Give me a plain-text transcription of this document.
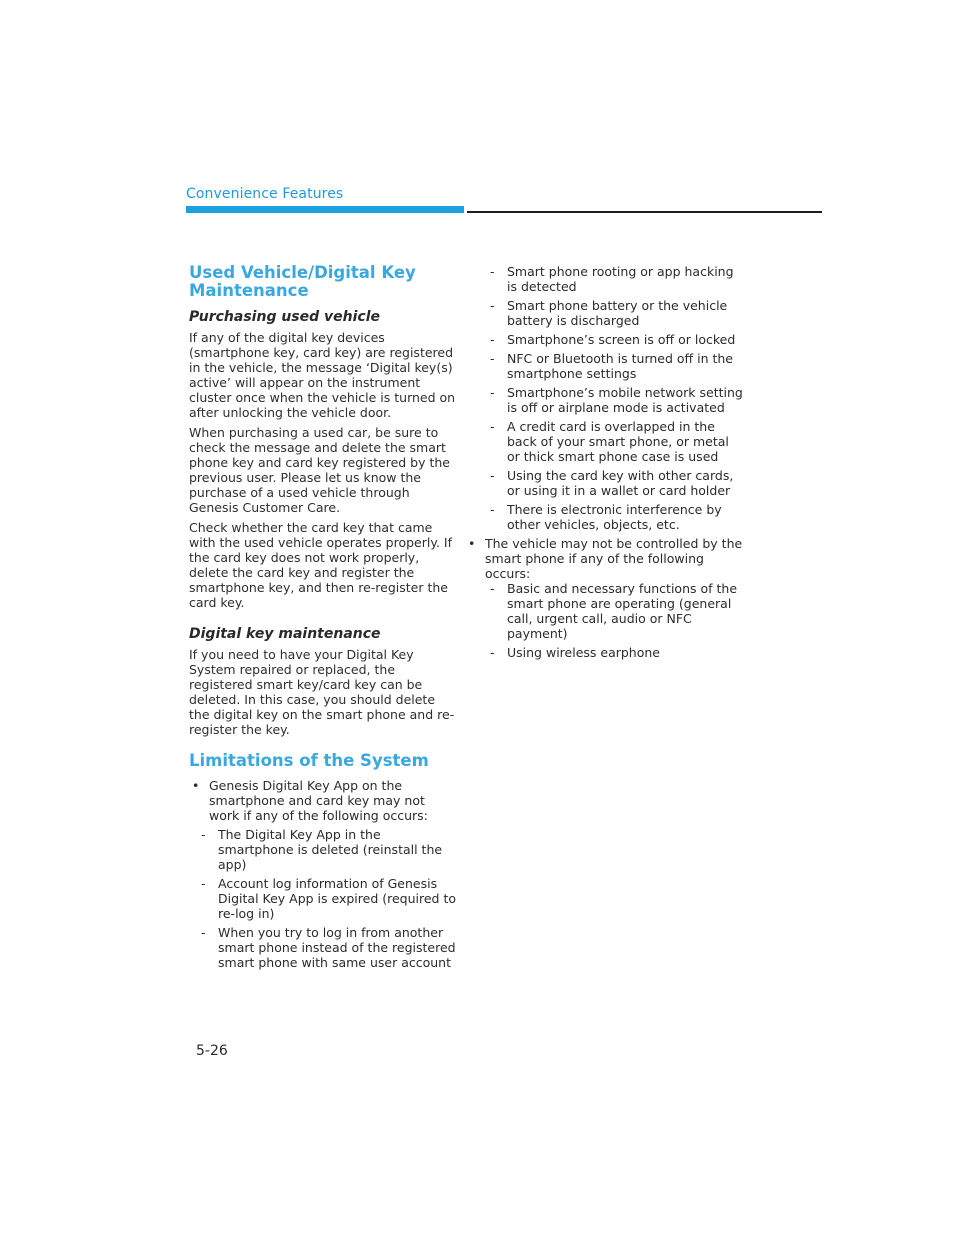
Convenience Features
Used Vehicle/Digital Key Maintenance
Purchasing used vehicle

If any of the digital key devices (smartphone key, card key) are registered in the vehicle, the message ‘Digital key(s) active’ will appear on the instrument cluster once when the vehicle is turned on after unlocking the vehicle door.

When purchasing a used car, be sure to check the message and delete the smart phone key and card key registered by the previous user. Please let us know the purchase of a used vehicle through Genesis Customer Care.

Check whether the card key that came with the used vehicle operates properly. If the card key does not work properly, delete the card key and register the smartphone key, and then re-register the card key.

Digital key maintenance

If you need to have your Digital Key System repaired or replaced, the registered smart key/card key can be deleted. In this case, you should delete the digital key on the smart phone and re-register the key.

Limitations of the System
• Genesis Digital Key App on the smartphone and card key may not work if any of the following occurs:
- The Digital Key App in the smartphone is deleted (reinstall the app)
- Account log information of Genesis Digital Key App is expired (required to re-log in)
- When you try to log in from another smart phone instead of the registered smart phone with same user account
- Smart phone rooting or app hacking is detected
- Smart phone battery or the vehicle battery is discharged
- Smartphone’s screen is off or locked
- NFC or Bluetooth is turned off in the smartphone settings
- Smartphone’s mobile network setting is off or airplane mode is activated
- A credit card is overlapped in the back of your smart phone, or metal or thick smart phone case is used
- Using the card key with other cards, or using it in a wallet or card holder
- There is electronic interference by other vehicles, objects, etc.
• The vehicle may not be controlled by the smart phone if any of the following occurs:
- Basic and necessary functions of the smart phone are operating (general call, urgent call, audio or NFC payment)
- Using wireless earphone
5-26
